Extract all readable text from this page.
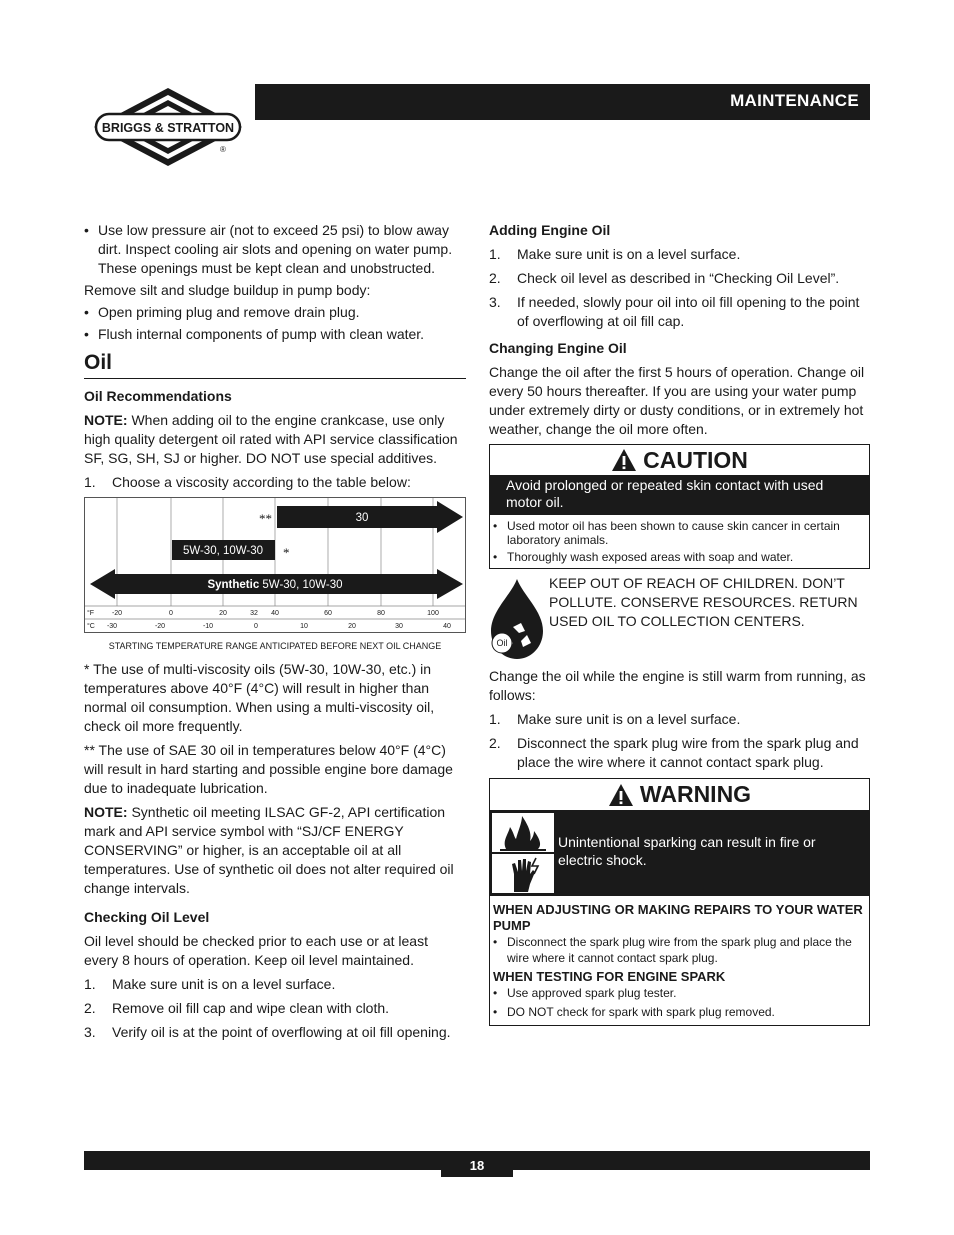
BRIGGS & STRATTON
®
MAINTENANCE
• Use low pressure air (not to exceed 25 psi) to blow away dirt. Inspect cooling air slots and opening on water pump. These openings must be kept clean and unobstructed.

Remove silt and sludge buildup in pump body:

• Open priming plug and remove drain plug.
• Flush internal components of pump with clean water.
Oil
Oil Recommendations

NOTE: When adding oil to the engine crankcase, use only high quality detergent oil rated with API service classification SF, SG, SH, SJ or higher. DO NOT use special additives.

1. Choose a viscosity according to the table below:
30
**
5W-30, 10W-30 *
Synthetic 5W-30, 10W-30
°F	-20	0	20	32 40	60	80	100
°C -30	-20	-10	0	10	20	30	40
STARTING TEMPERATURE RANGE ANTICIPATED BEFORE NEXT OIL CHANGE

* The use of multi-viscosity oils (5W-30, 10W-30, etc.) in temperatures above 40°F (4°C) will result in higher than normal oil consumption. When using a multi-viscosity oil, check oil more frequently.

** The use of SAE 30 oil in temperatures below 40°F (4°C) will result in hard starting and possible engine bore damage due to inadequate lubrication.

NOTE: Synthetic oil meeting ILSAC GF-2, API certification mark and API service symbol with “SJ/CF ENERGY CONSERVING” or higher, is an acceptable oil at all temperatures. Use of synthetic oil does not alter required oil change intervals.

Checking Oil Level

Oil level should be checked prior to each use or at least every 8 hours of operation. Keep oil level maintained.

1. Make sure unit is on a level surface.
2. Remove oil fill cap and wipe clean with cloth.
3. Verify oil is at the point of overflowing at oil fill opening.
Adding Engine Oil
1. Make sure unit is on a level surface.
2. Check oil level as described in “Checking Oil Level”.
3. If needed, slowly pour oil into oil fill opening to the point of overflowing at oil fill cap.
Changing Engine Oil

Change the oil after the first 5 hours of operation. Change oil every 50 hours thereafter. If you are using your water pump under extremely dirty or dusty conditions, or in extremely hot weather, change the oil more often.

CAUTION
Avoid prolonged or repeated skin contact with used motor oil.
• Used motor oil has been shown to cause skin cancer in certain laboratory animals.
• Thoroughly wash exposed areas with soap and water.
Oil
KEEP OUT OF REACH OF CHILDREN. DON’T POLLUTE. CONSERVE RESOURCES. RETURN USED OIL TO COLLECTION CENTERS.

Change the oil while the engine is still warm from running, as follows:

1. Make sure unit is on a level surface.
2. Disconnect the spark plug wire from the spark plug and place the wire where it cannot contact spark plug.
WARNING
Unintentional sparking can result in fire or electric shock.
WHEN ADJUSTING OR MAKING REPAIRS TO YOUR WATER PUMP
• Disconnect the spark plug wire from the spark plug and place the wire where it cannot contact spark plug.
WHEN TESTING FOR ENGINE SPARK
• Use approved spark plug tester.
• DO NOT check for spark with spark plug removed.
18
